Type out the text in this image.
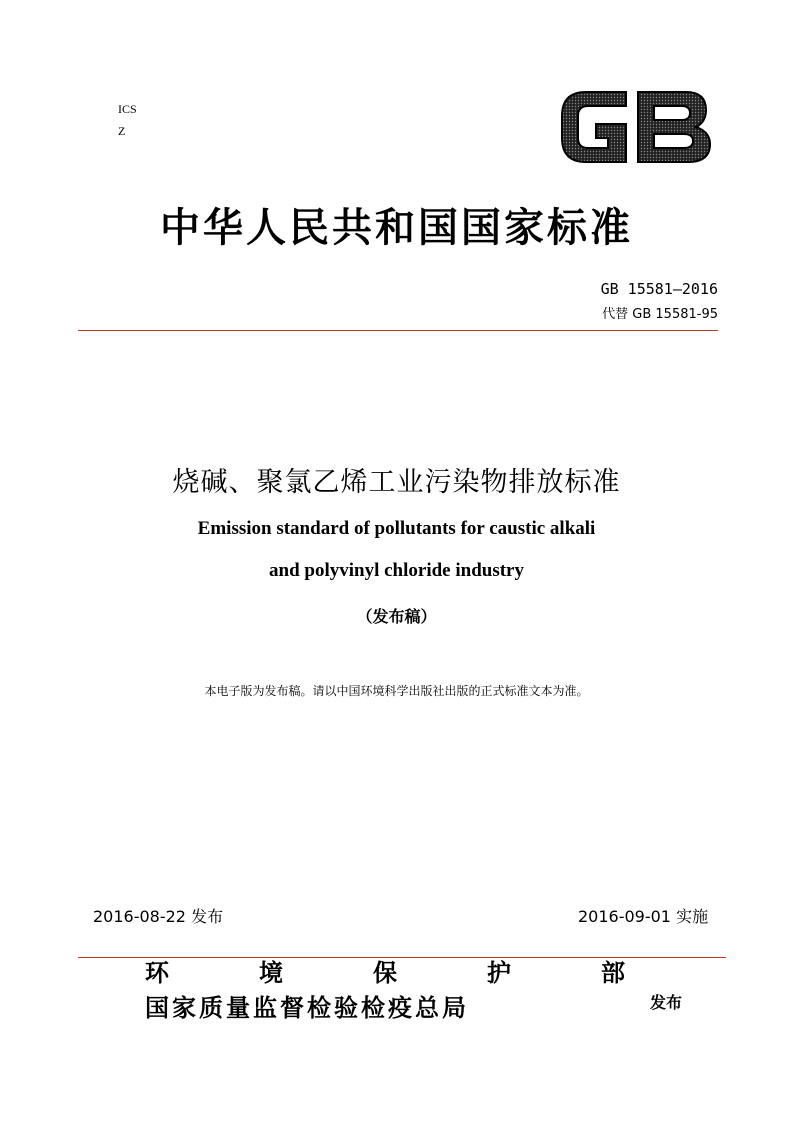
ICS
Z
中华人民共和国国家标准
GB 15581—2016
代替 GB 15581-95
烧碱、聚氯乙烯工业污染物排放标准
Emission standard of pollutants for caustic alkali
and polyvinyl chloride industry
（发布稿）
本电子版为发布稿。请以中国环境科学出版社出版的正式标准文本为准。
2016-08-22 发布	2016-09-01 实施
环	境	保	护	部
国家质量监督检验检疫总局	发布
